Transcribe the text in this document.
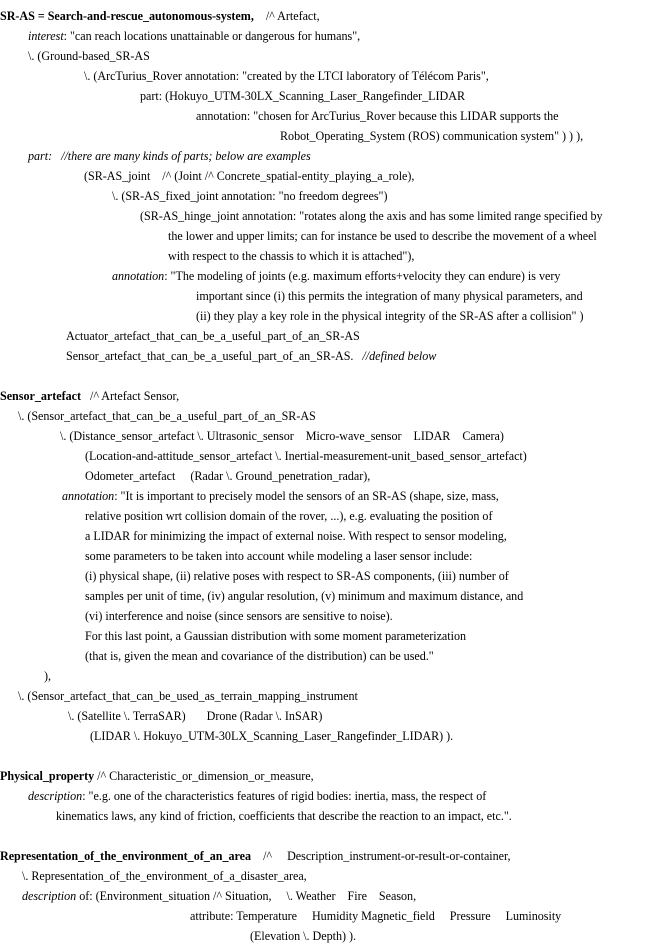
SR-AS = Search-and-rescue_autonomous-system,    /^ Artefact,
interest: "can reach locations unattainable or dangerous for humans",
\. (Ground-based_SR-AS
\. (ArcTurius_Rover annotation: "created by the LTCI laboratory of Télécom Paris",
part: (Hokuyo_UTM-30LX_Scanning_Laser_Rangefinder_LIDAR
annotation: "chosen for ArcTurius_Rover because this LIDAR supports the
Robot_Operating_System (ROS) communication system" ) ) ),
part: //there are many kinds of parts; below are examples
(SR-AS_joint    /^ (Joint /^ Concrete_spatial-entity_playing_a_role),
\. (SR-AS_fixed_joint annotation: "no freedom degrees")
(SR-AS_hinge_joint annotation: "rotates along the axis and has some limited range specified by
the lower and upper limits; can for instance be used to describe the movement of a wheel
with respect to the chassis to which it is attached"),
annotation: "The modeling of joints (e.g. maximum efforts+velocity they can endure) is very
important since (i) this permits the integration of many physical parameters, and
(ii) they play a key role in the physical integrity of the SR-AS after a collision" )
Actuator_artefact_that_can_be_a_useful_part_of_an_SR-AS
Sensor_artefact_that_can_be_a_useful_part_of_an_SR-AS. //defined below
Sensor_artefact   /^ Artefact Sensor,
\. (Sensor_artefact_that_can_be_a_useful_part_of_an_SR-AS
\. (Distance_sensor_artefact \. Ultrasonic_sensor    Micro-wave_sensor    LIDAR    Camera)
(Location-and-attitude_sensor_artefact \. Inertial-measurement-unit_based_sensor_artefact)
Odometer_artefact     (Radar \. Ground_penetration_radar),
annotation: "It is important to precisely model the sensors of an SR-AS (shape, size, mass,
relative position wrt collision domain of the rover, ...), e.g. evaluating the position of
a LIDAR for minimizing the impact of external noise. With respect to sensor modeling,
some parameters to be taken into account while modeling a laser sensor include:
(i) physical shape, (ii) relative poses with respect to SR-AS components, (iii) number of
samples per unit of time, (iv) angular resolution, (v) minimum and maximum distance, and
(vi) interference and noise (since sensors are sensitive to noise).
For this last point, a Gaussian distribution with some moment parameterization
(that is, given the mean and covariance of the distribution) can be used."
),
\. (Sensor_artefact_that_can_be_used_as_terrain_mapping_instrument
\. (Satellite \. TerraSAR)       Drone (Radar \. InSAR)
(LIDAR \. Hokuyo_UTM-30LX_Scanning_Laser_Rangefinder_LIDAR) ).
Physical_property /^ Characteristic_or_dimension_or_measure,
description: "e.g. one of the characteristics features of rigid bodies: inertia, mass, the respect of
kinematics laws, any kind of friction, coefficients that describe the reaction to an impact, etc.".
Representation_of_the_environment_of_an_area    /^     Description_instrument-or-result-or-container,
\. Representation_of_the_environment_of_a_disaster_area,
description of: (Environment_situation /^ Situation,     \. Weather    Fire    Season,
attribute: Temperature     Humidity Magnetic_field     Pressure     Luminosity
(Elevation \. Depth) ).
